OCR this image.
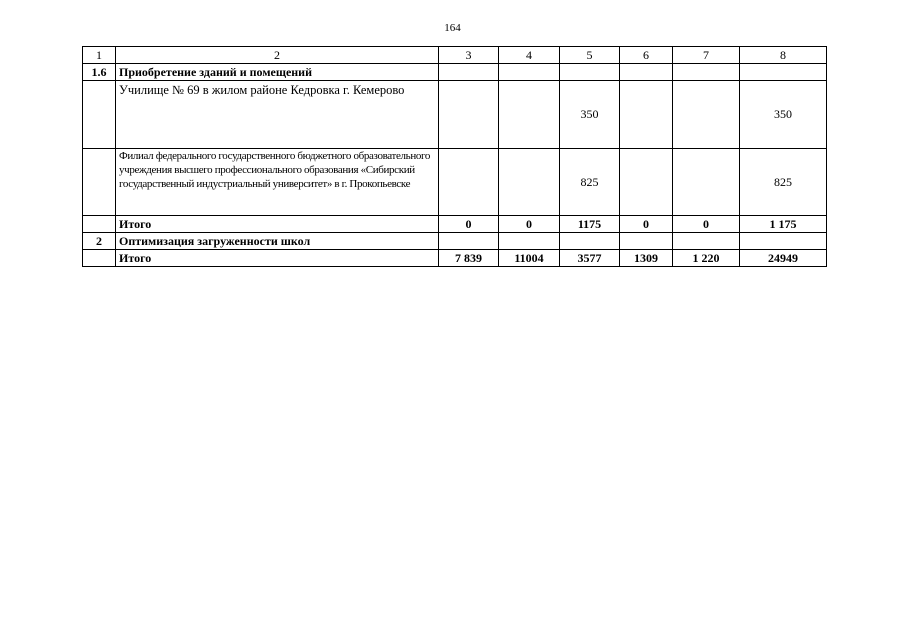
164
1	2	3	4	5	6	7	8
1.6	Приобретение зданий и помещений						
	Училище № 69 в жилом районе Кедровка г. Кемерово			350			350
	Филиал федерального государственного бюджетного образовательного учреждения высшего профессионального образования «Сибирский государственный индустриальный университет» в г. Прокопьевске			825			825
	Итого	0	0	1175	0	0	1 175
2	Оптимизация загруженности школ						
	Итого	7 839	11004	3577	1309	1 220	24949
